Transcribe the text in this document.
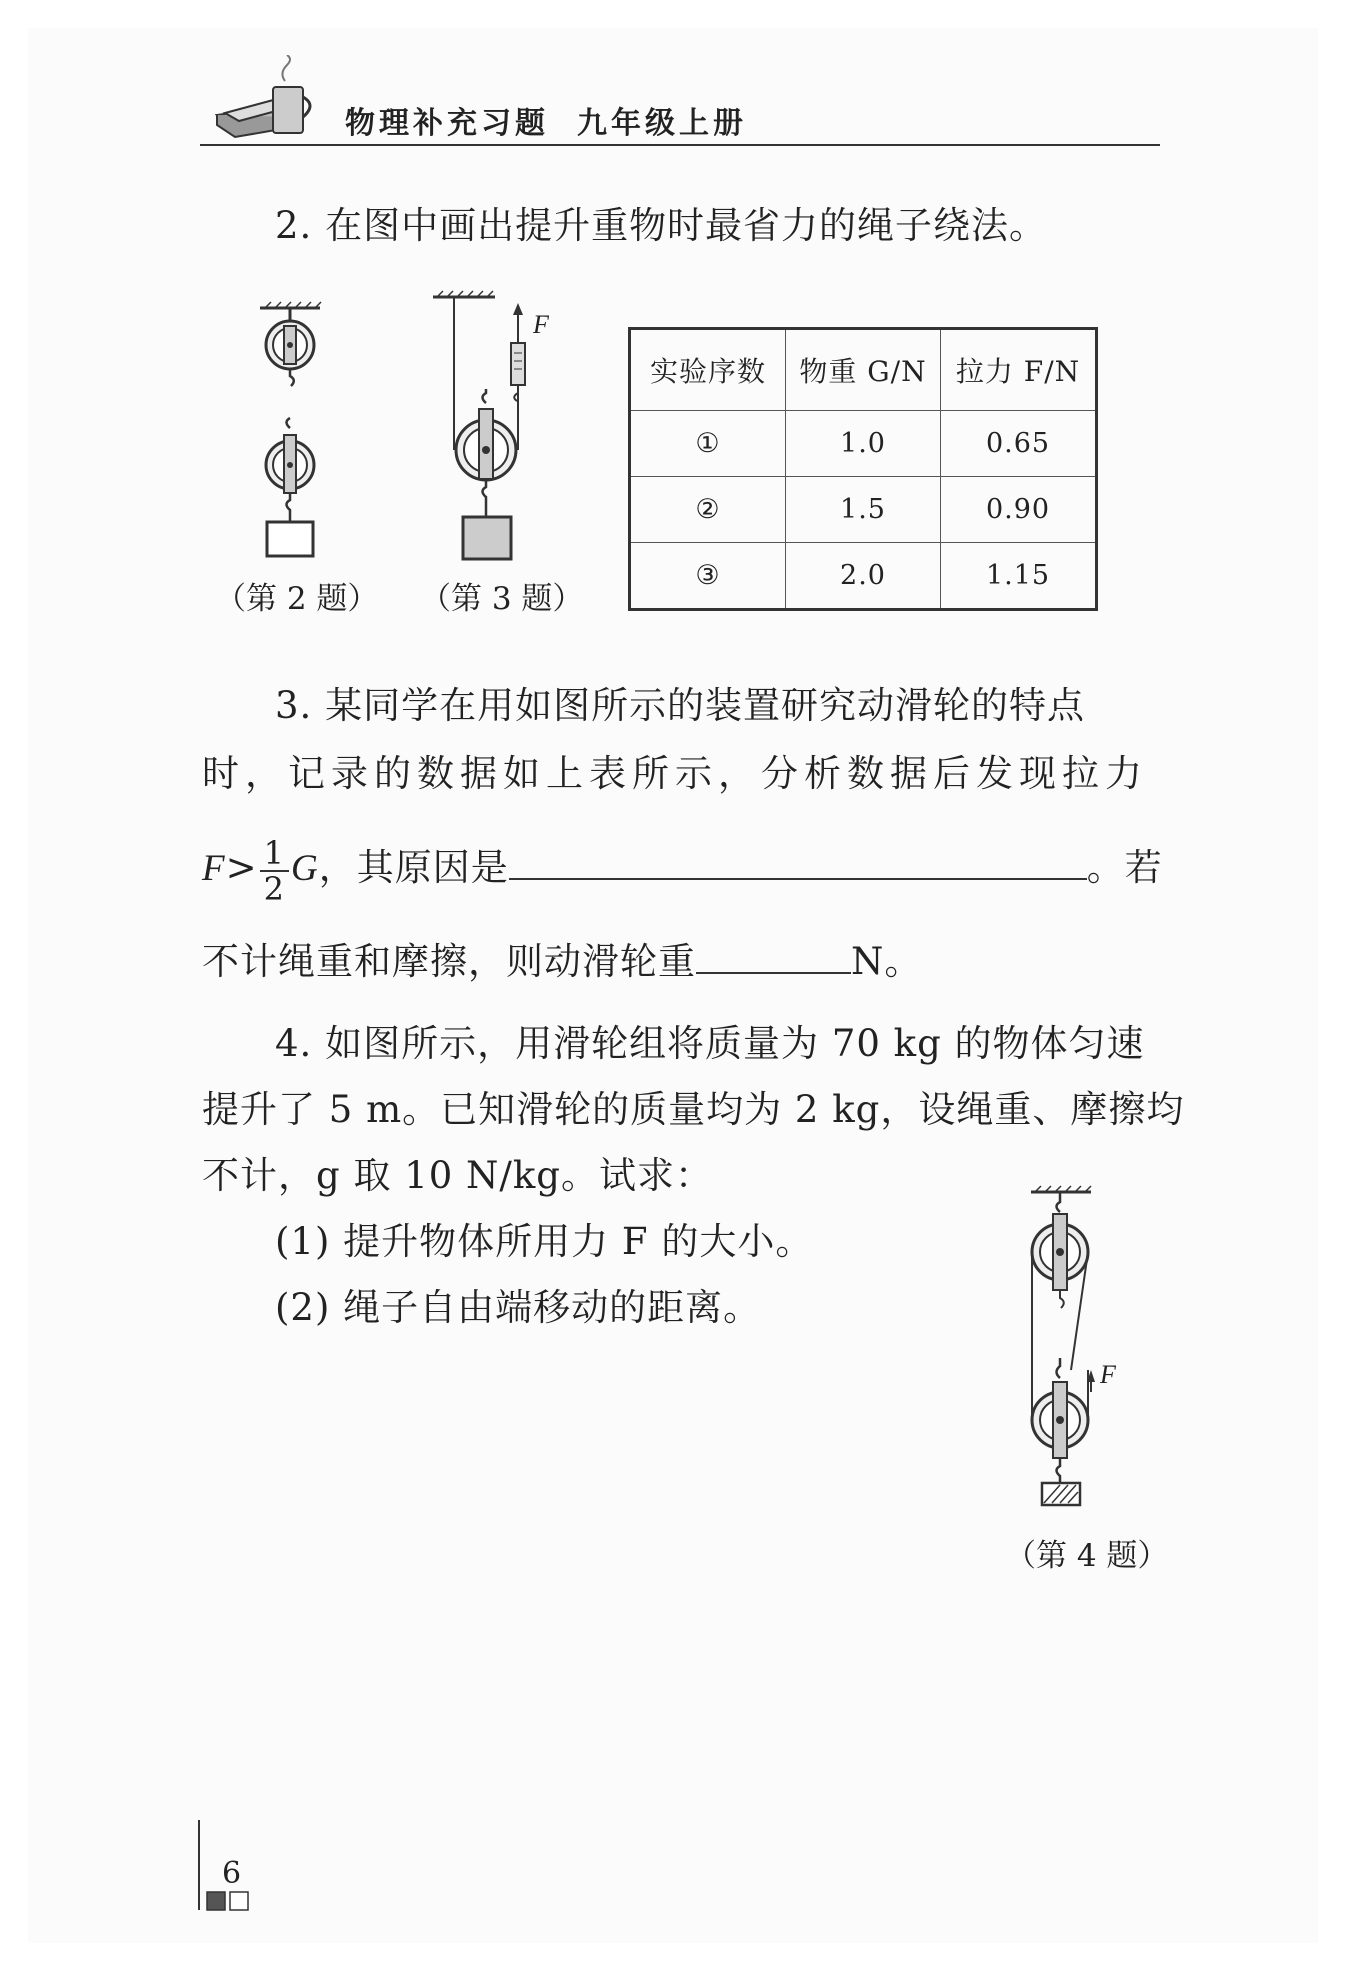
物理补充习题 九年级上册
2. 在图中画出提升重物时最省力的绳子绕法。
（第 2 题）
F
（第 3 题）
实验序数	物重 G/N	拉力 F/N
①	1.0	0.65
②	1.5	0.90
③	2.0	1.15
3. 某同学在用如图所示的装置研究动滑轮的特点
时，记录的数据如上表所示，分析数据后发现拉力
$F> \frac{1}{2}$ G，其原因是	。若
不计绳重和摩擦，则动滑轮重	N。
4. 如图所示，用滑轮组将质量为 70 kg 的物体匀速
提升了 5 m。已知滑轮的质量均为 2 kg，设绳重、摩擦均
不计，g 取 10 N/kg。试求：
(1) 提升物体所用力 F 的大小。
(2) 绳子自由端移动的距离。
F
（第 4 题）
6
